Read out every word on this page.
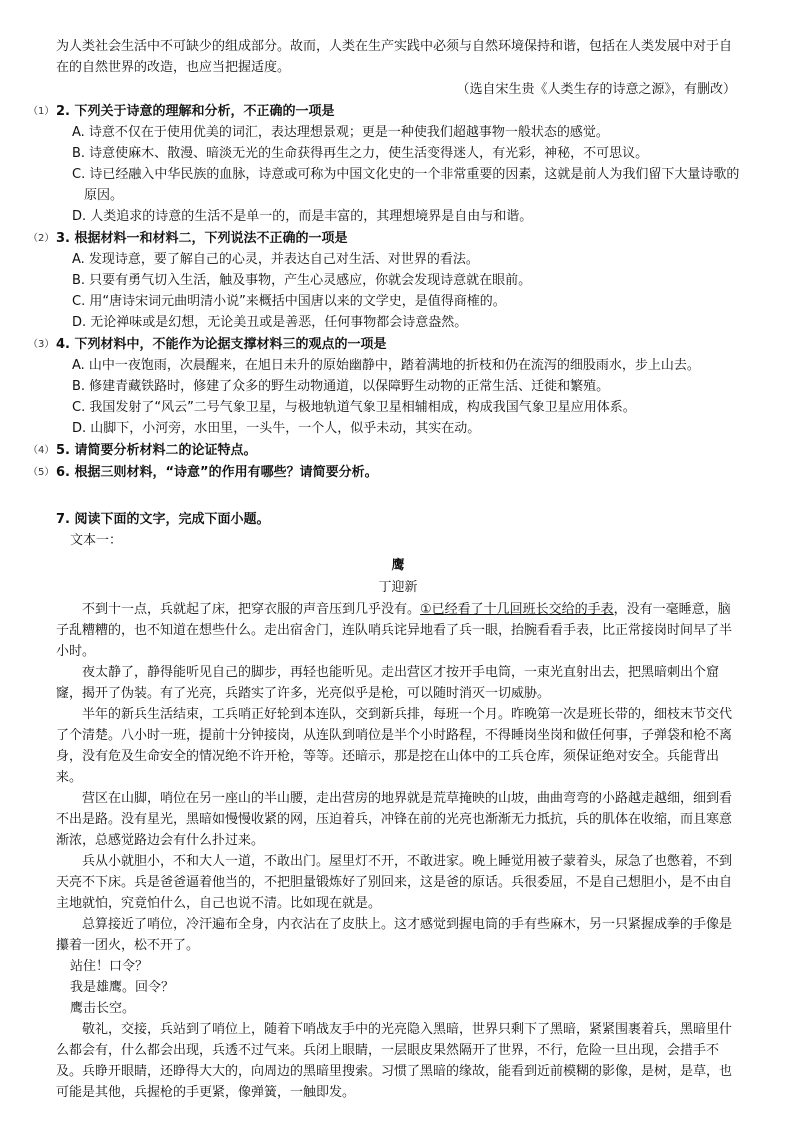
为人类社会生活中不可缺少的组成部分。故而，人类在生产实践中必须与自然环境保持和谐，包括在人类发展中对于自在的自然世界的改造，也应当把握适度。

（选自宋生贵《人类生存的诗意之源》，有删改）

（1） 2. 下列关于诗意的理解和分析，不正确的一项是

A. 诗意不仅在于使用优美的词汇，表达理想景观；更是一种使我们超越事物一般状态的感觉。

B. 诗意使麻木、散漫、暗淡无光的生命获得再生之力，使生活变得迷人，有光彩，神秘，不可思议。

C. 诗已经融入中华民族的血脉，诗意或可称为中国文化史的一个非常重要的因素，这就是前人为我们留下大量诗歌的原因。

D. 人类追求的诗意的生活不是单一的，而是丰富的，其理想境界是自由与和谐。

（2） 3. 根据材料一和材料二，下列说法不正确的一项是

A. 发现诗意，要了解自己的心灵，并表达自己对生活、对世界的看法。

B. 只要有勇气切入生活，触及事物，产生心灵感应，你就会发现诗意就在眼前。

C. 用“唐诗宋词元曲明清小说”来概括中国唐以来的文学史，是值得商榷的。

D. 无论禅味或是幻想，无论美丑或是善恶，任何事物都会诗意盎然。

（3） 4. 下列材料中，不能作为论据支撑材料三的观点的一项是

A. 山中一夜饱雨，次晨醒来，在旭日未升的原始幽静中，踏着满地的折枝和仍在流泻的细股雨水，步上山去。

B. 修建青藏铁路时，修建了众多的野生动物通道，以保障野生动物的正常生活、迁徙和繁殖。

C. 我国发射了“风云”二号气象卫星，与极地轨道气象卫星相辅相成，构成我国气象卫星应用体系。

D. 山脚下，小河旁，水田里，一头牛，一个人，似乎未动，其实在动。

（4） 5. 请简要分析材料二的论证特点。
（5） 6. 根据三则材料，“诗意”的作用有哪些？请简要分析。

7. 阅读下面的文字，完成下面小题。

文本一：

鹰

丁迎新

不到十一点，兵就起了床，把穿衣服的声音压到几乎没有。①已经看了十几回班长交给的手表，没有一毫睡意，脑子乱糟糟的，也不知道在想些什么。走出宿舍门，连队哨兵诧异地看了兵一眼，抬腕看看手表，比正常接岗时间早了半小时。

夜太静了，静得能听见自己的脚步，再轻也能听见。走出营区才按开手电筒，一束光直射出去，把黑暗刺出个窟窿，揭开了伪装。有了光亮，兵踏实了许多，光亮似乎是枪，可以随时消灭一切威胁。

半年的新兵生活结束，工兵哨正好轮到本连队，交到新兵排，每班一个月。昨晚第一次是班长带的，细枝末节交代了个清楚。八小时一班，提前十分钟接岗，从连队到哨位是半个小时路程，不得睡岗坐岗和做任何事，子弹袋和枪不离身，没有危及生命安全的情况绝不许开枪，等等。还暗示，那是挖在山体中的工兵仓库，须保证绝对安全。兵能背出来。

营区在山脚，哨位在另一座山的半山腰，走出营房的地界就是荒草掩映的山坡，曲曲弯弯的小路越走越细，细到看不出是路。没有星光，黑暗如慢慢收紧的网，压迫着兵，冲锋在前的光亮也渐渐无力抵抗，兵的肌体在收缩，而且寒意渐浓，总感觉路边会有什么扑过来。

兵从小就胆小，不和大人一道，不敢出门。屋里灯不开，不敢进家。晚上睡觉用被子蒙着头，尿急了也憋着，不到天亮不下床。兵是爸爸逼着他当的，不把胆量锻炼好了别回来，这是爸的原话。兵很委屈，不是自己想胆小，是不由自主地就怕，究竟怕什么，自己也说不清。比如现在就是。

总算接近了哨位，冷汗遍布全身，内衣沾在了皮肤上。这才感觉到握电筒的手有些麻木，另一只紧握成拳的手像是攥着一团火，松不开了。

站住！口令？

我是雄鹰。回令？

鹰击长空。

敬礼，交接，兵站到了哨位上，随着下哨战友手中的光亮隐入黑暗，世界只剩下了黑暗，紧紧围裹着兵，黑暗里什么都会有，什么都会出现，兵透不过气来。兵闭上眼睛，一层眼皮果然隔开了世界，不行，危险一旦出现，会措手不及。兵睁开眼睛，还睁得大大的，向周边的黑暗里搜索。习惯了黑暗的缘故，能看到近前模糊的影像，是树，是草，也可能是其他，兵握枪的手更紧，像弹簧，一触即发。
